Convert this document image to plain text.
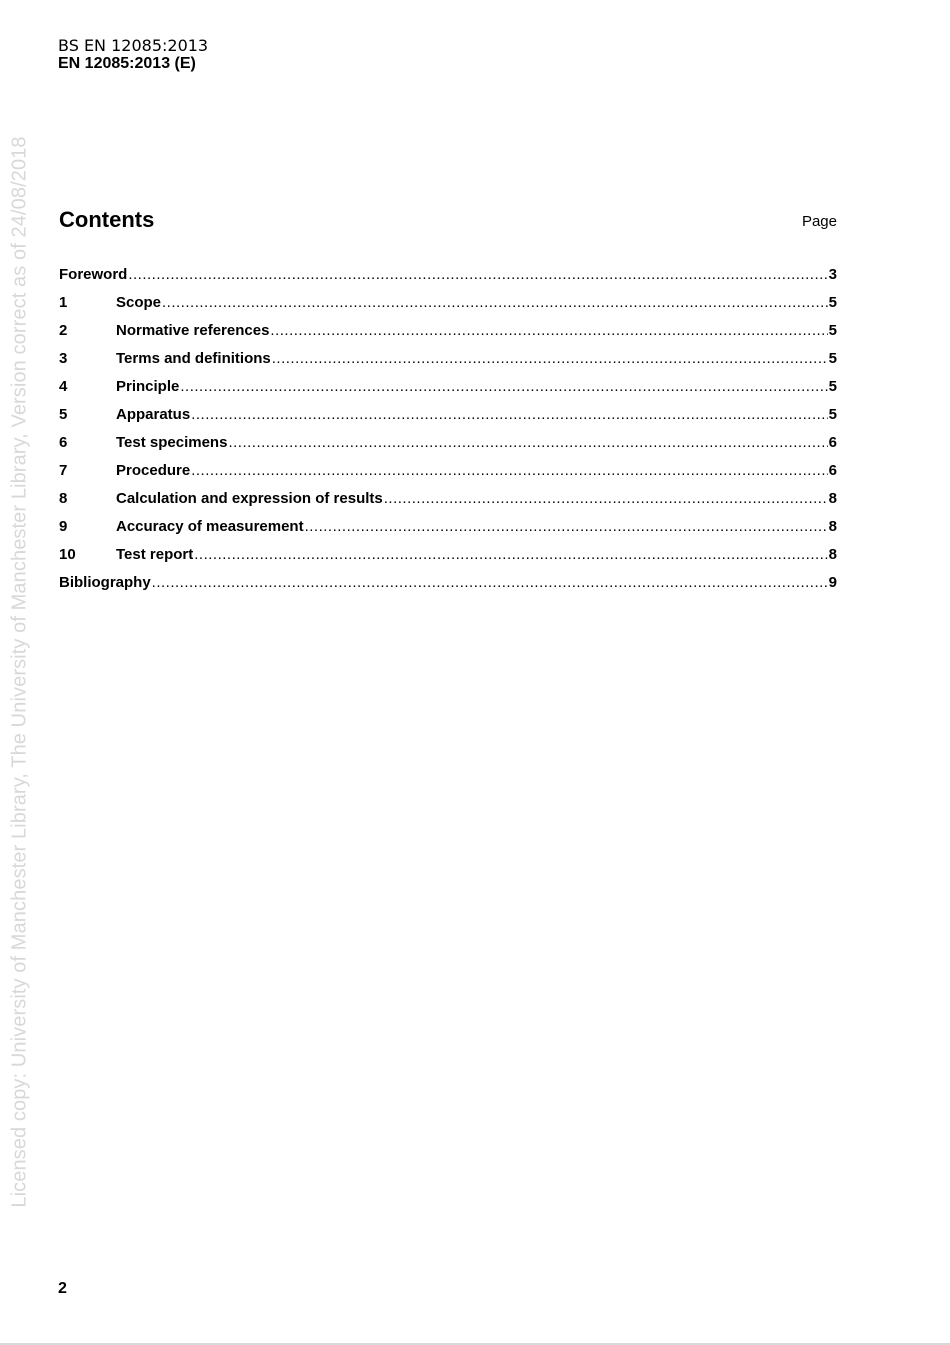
BS EN 12085:2013
EN 12085:2013 (E)
Licensed copy: University of Manchester Library, The University of Manchester Library, Version correct as of 24/08/2018 Contents	Page
Foreword .....	3
1	Scope .....	5
2	Normative references .....	5
3	Terms and definitions .....	5
4	Principle .....	5
5	Apparatus .....	5
6	Test specimens .....	6
7	Procedure .....	6
8	Calculation and expression of results .....	8
9	Accuracy of measurement .....	8
10	Test report .....	8
Bibliography .....	9
2
